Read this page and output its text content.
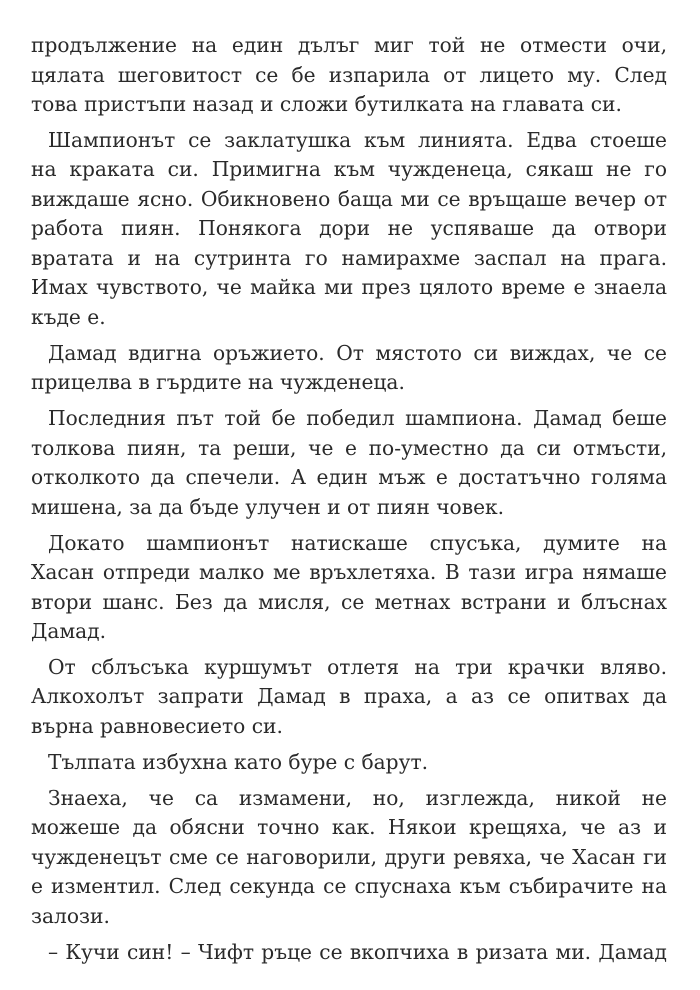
продължение на един дълъг миг той не отмести очи,
цялата шеговитост се бе изпарила от лицето му. След
това пристъпи назад и сложи бутилката на главата си.

Шампионът се заклатушка към линията. Едва стоеше
на краката си. Примигна към чужденеца, сякаш не го
виждаше ясно. Обикновено баща ми се връщаше вечер от
работа пиян. Понякога дори не успяваше да отвори
вратата и на сутринта го намирахме заспал на прага.
Имах чувството, че майка ми през цялото време е знаела
къде е.

Дамад вдигна оръжието. От мястото си виждах, че се
прицелва в гърдите на чужденеца.

Последния път той бе победил шампиона. Дамад беше
толкова пиян, та реши, че е по-уместно да си отмъсти,
отколкото да спечели. А един мъж е достатъчно голяма
мишена, за да бъде улучен и от пиян човек.

Докато шампионът натискаше спусъка, думите на
Хасан отпреди малко ме връхлетяха. В тази игра нямаше
втори шанс. Без да мисля, се метнах встрани и блъснах
Дамад.

От сблъсъка куршумът отлетя на три крачки вляво.
Алкохолът запрати Дамад в праха, а аз се опитвах да
върна равновесието си.

Тълпата избухна като буре с барут.

Знаеха, че са измамени, но, изглежда, никой не
можеше да обясни точно как. Някои крещяха, че аз и
чужденецът сме се наговорили, други ревяха, че Хасан ги
е изментил. След секунда се спуснаха към събирачите на
залози.

– Кучи син! – Чифт ръце се вкопчиха в ризата ми. Дамад
